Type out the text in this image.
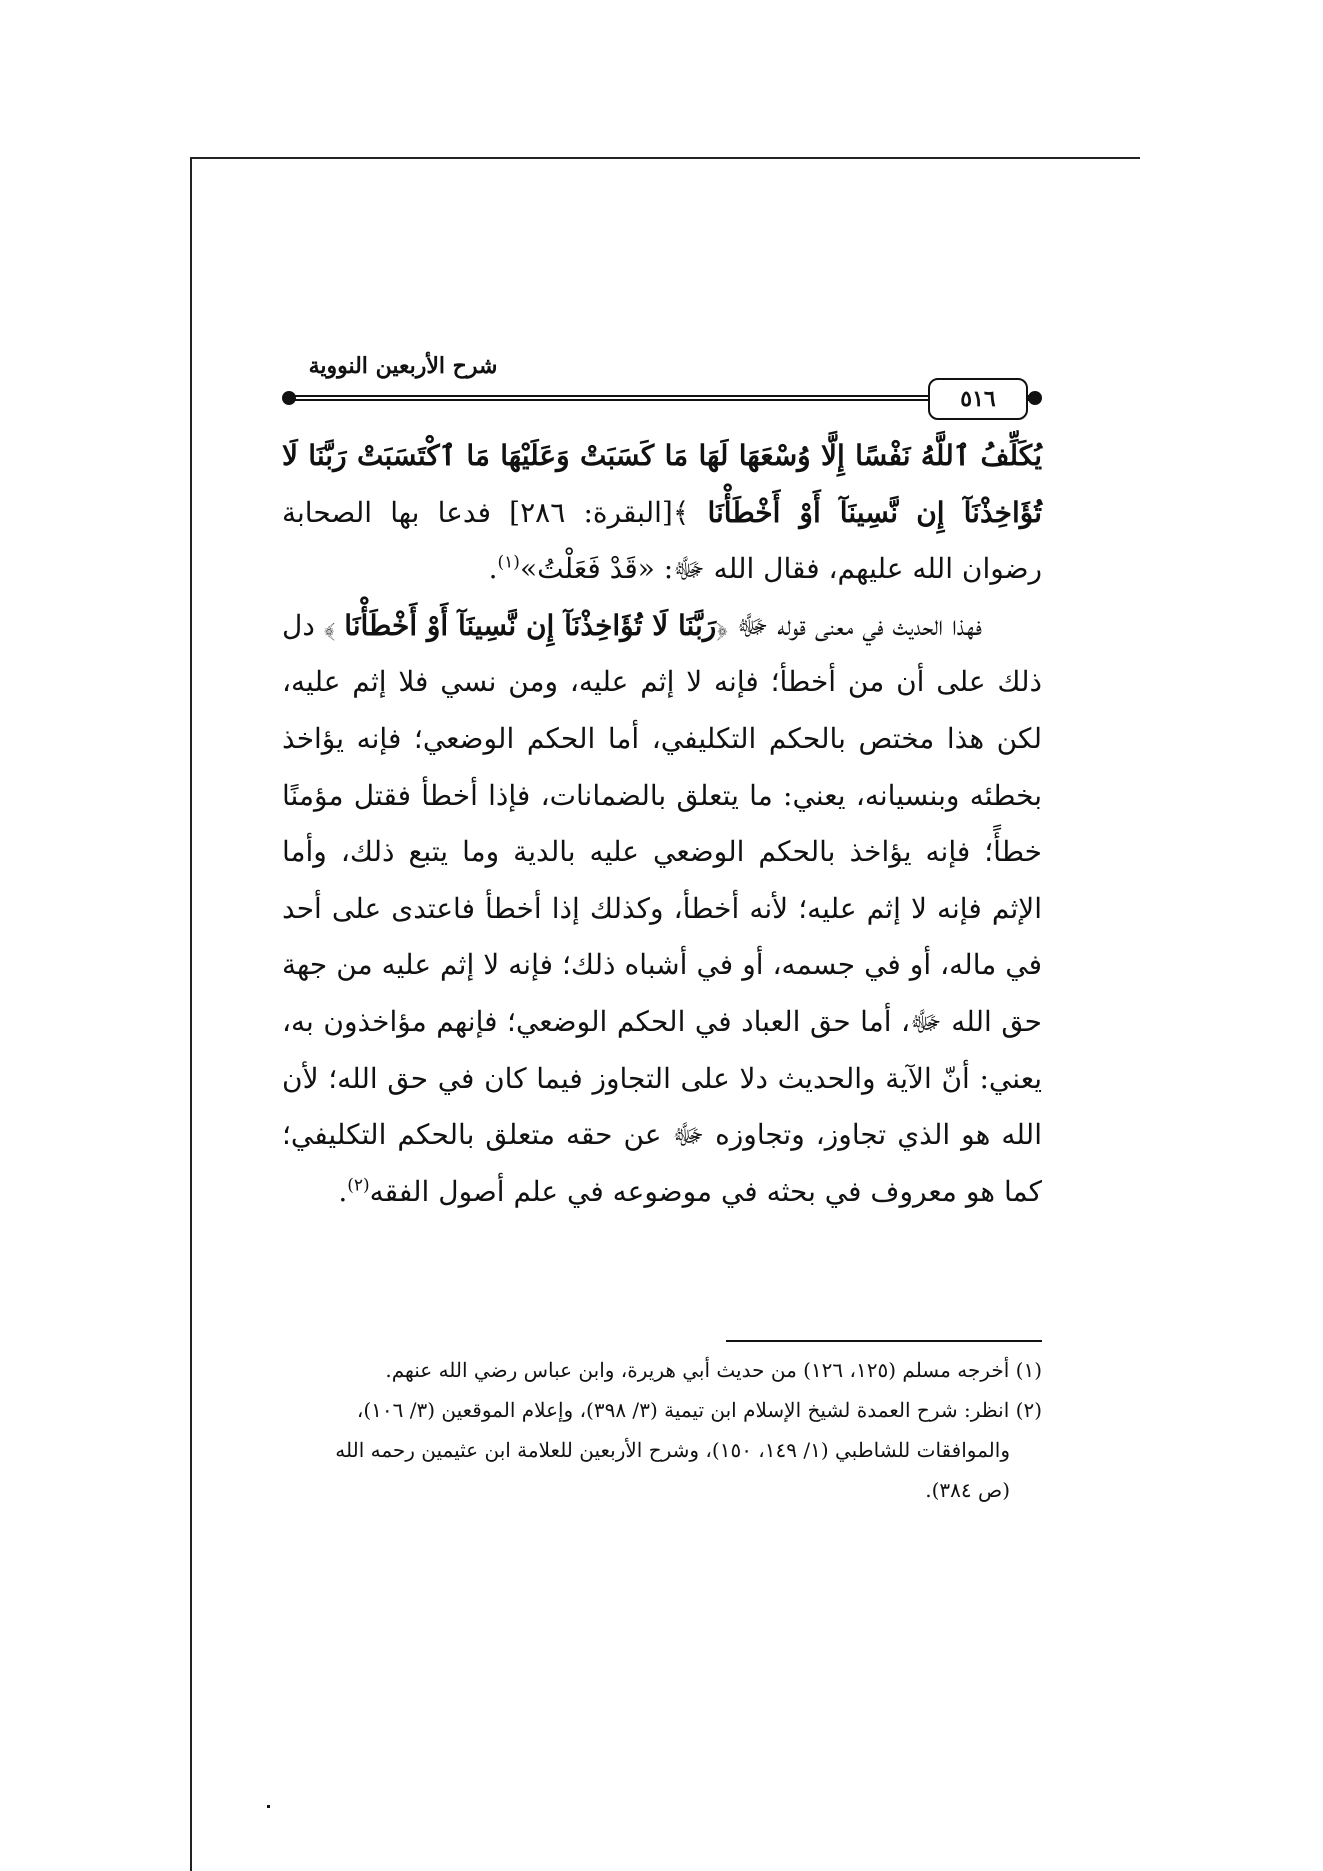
شرح الأربعين النووية
٥١٦

يُكَلِّفُ ٱللَّهُ نَفْسًا إِلَّا وُسْعَهَا لَهَا مَا كَسَبَتْ وَعَلَيْهَا مَا ٱكْتَسَبَتْ رَبَّنَا لَا تُؤَاخِذْنَآ إِن نَّسِينَآ أَوْ أَخْطَأْنَا ﴾[البقرة: ٢٨٦] فدعا بها الصحابة رضوان الله عليهم، فقال الله ﷻ: «قَدْ فَعَلْتُ»$^{(١)}$.

فهذا الحديث في معنى قوله ﷻ ﴿رَبَّنَا لَا تُؤَاخِذْنَآ إِن نَّسِينَآ أَوْ أَخْطَأْنَا ﴾ دل ذلك على أن من أخطأ؛ فإنه لا إثم عليه، ومن نسي فلا إثم عليه، لكن هذا مختص بالحكم التكليفي، أما الحكم الوضعي؛ فإنه يؤاخذ بخطئه وبنسيانه، يعني: ما يتعلق بالضمانات، فإذا أخطأ فقتل مؤمنًا خطأً؛ فإنه يؤاخذ بالحكم الوضعي عليه بالدية وما يتبع ذلك، وأما الإثم فإنه لا إثم عليه؛ لأنه أخطأ، وكذلك إذا أخطأ فاعتدى على أحد في ماله، أو في جسمه، أو في أشباه ذلك؛ فإنه لا إثم عليه من جهة حق الله ﷻ، أما حق العباد في الحكم الوضعي؛ فإنهم مؤاخذون به، يعني: أنّ الآية والحديث دلا على التجاوز فيما كان في حق الله؛ لأن الله هو الذي تجاوز، وتجاوزه ﷻ عن حقه متعلق بالحكم التكليفي؛ كما هو معروف في بحثه في موضوعه في علم أصول الفقه$^{(٢)}$.

(١) أخرجه مسلم (١٢٥، ١٢٦) من حديث أبي هريرة، وابن عباس رضي الله عنهم.

(٢) انظر: شرح العمدة لشيخ الإسلام ابن تيمية (٣/ ٣٩٨)، وإعلام الموقعين (٣/ ١٠٦)،

والموافقات للشاطبي (١/ ١٤٩، ١٥٠)، وشرح الأربعين للعلامة ابن عثيمين رحمه الله

(ص ٣٨٤).
